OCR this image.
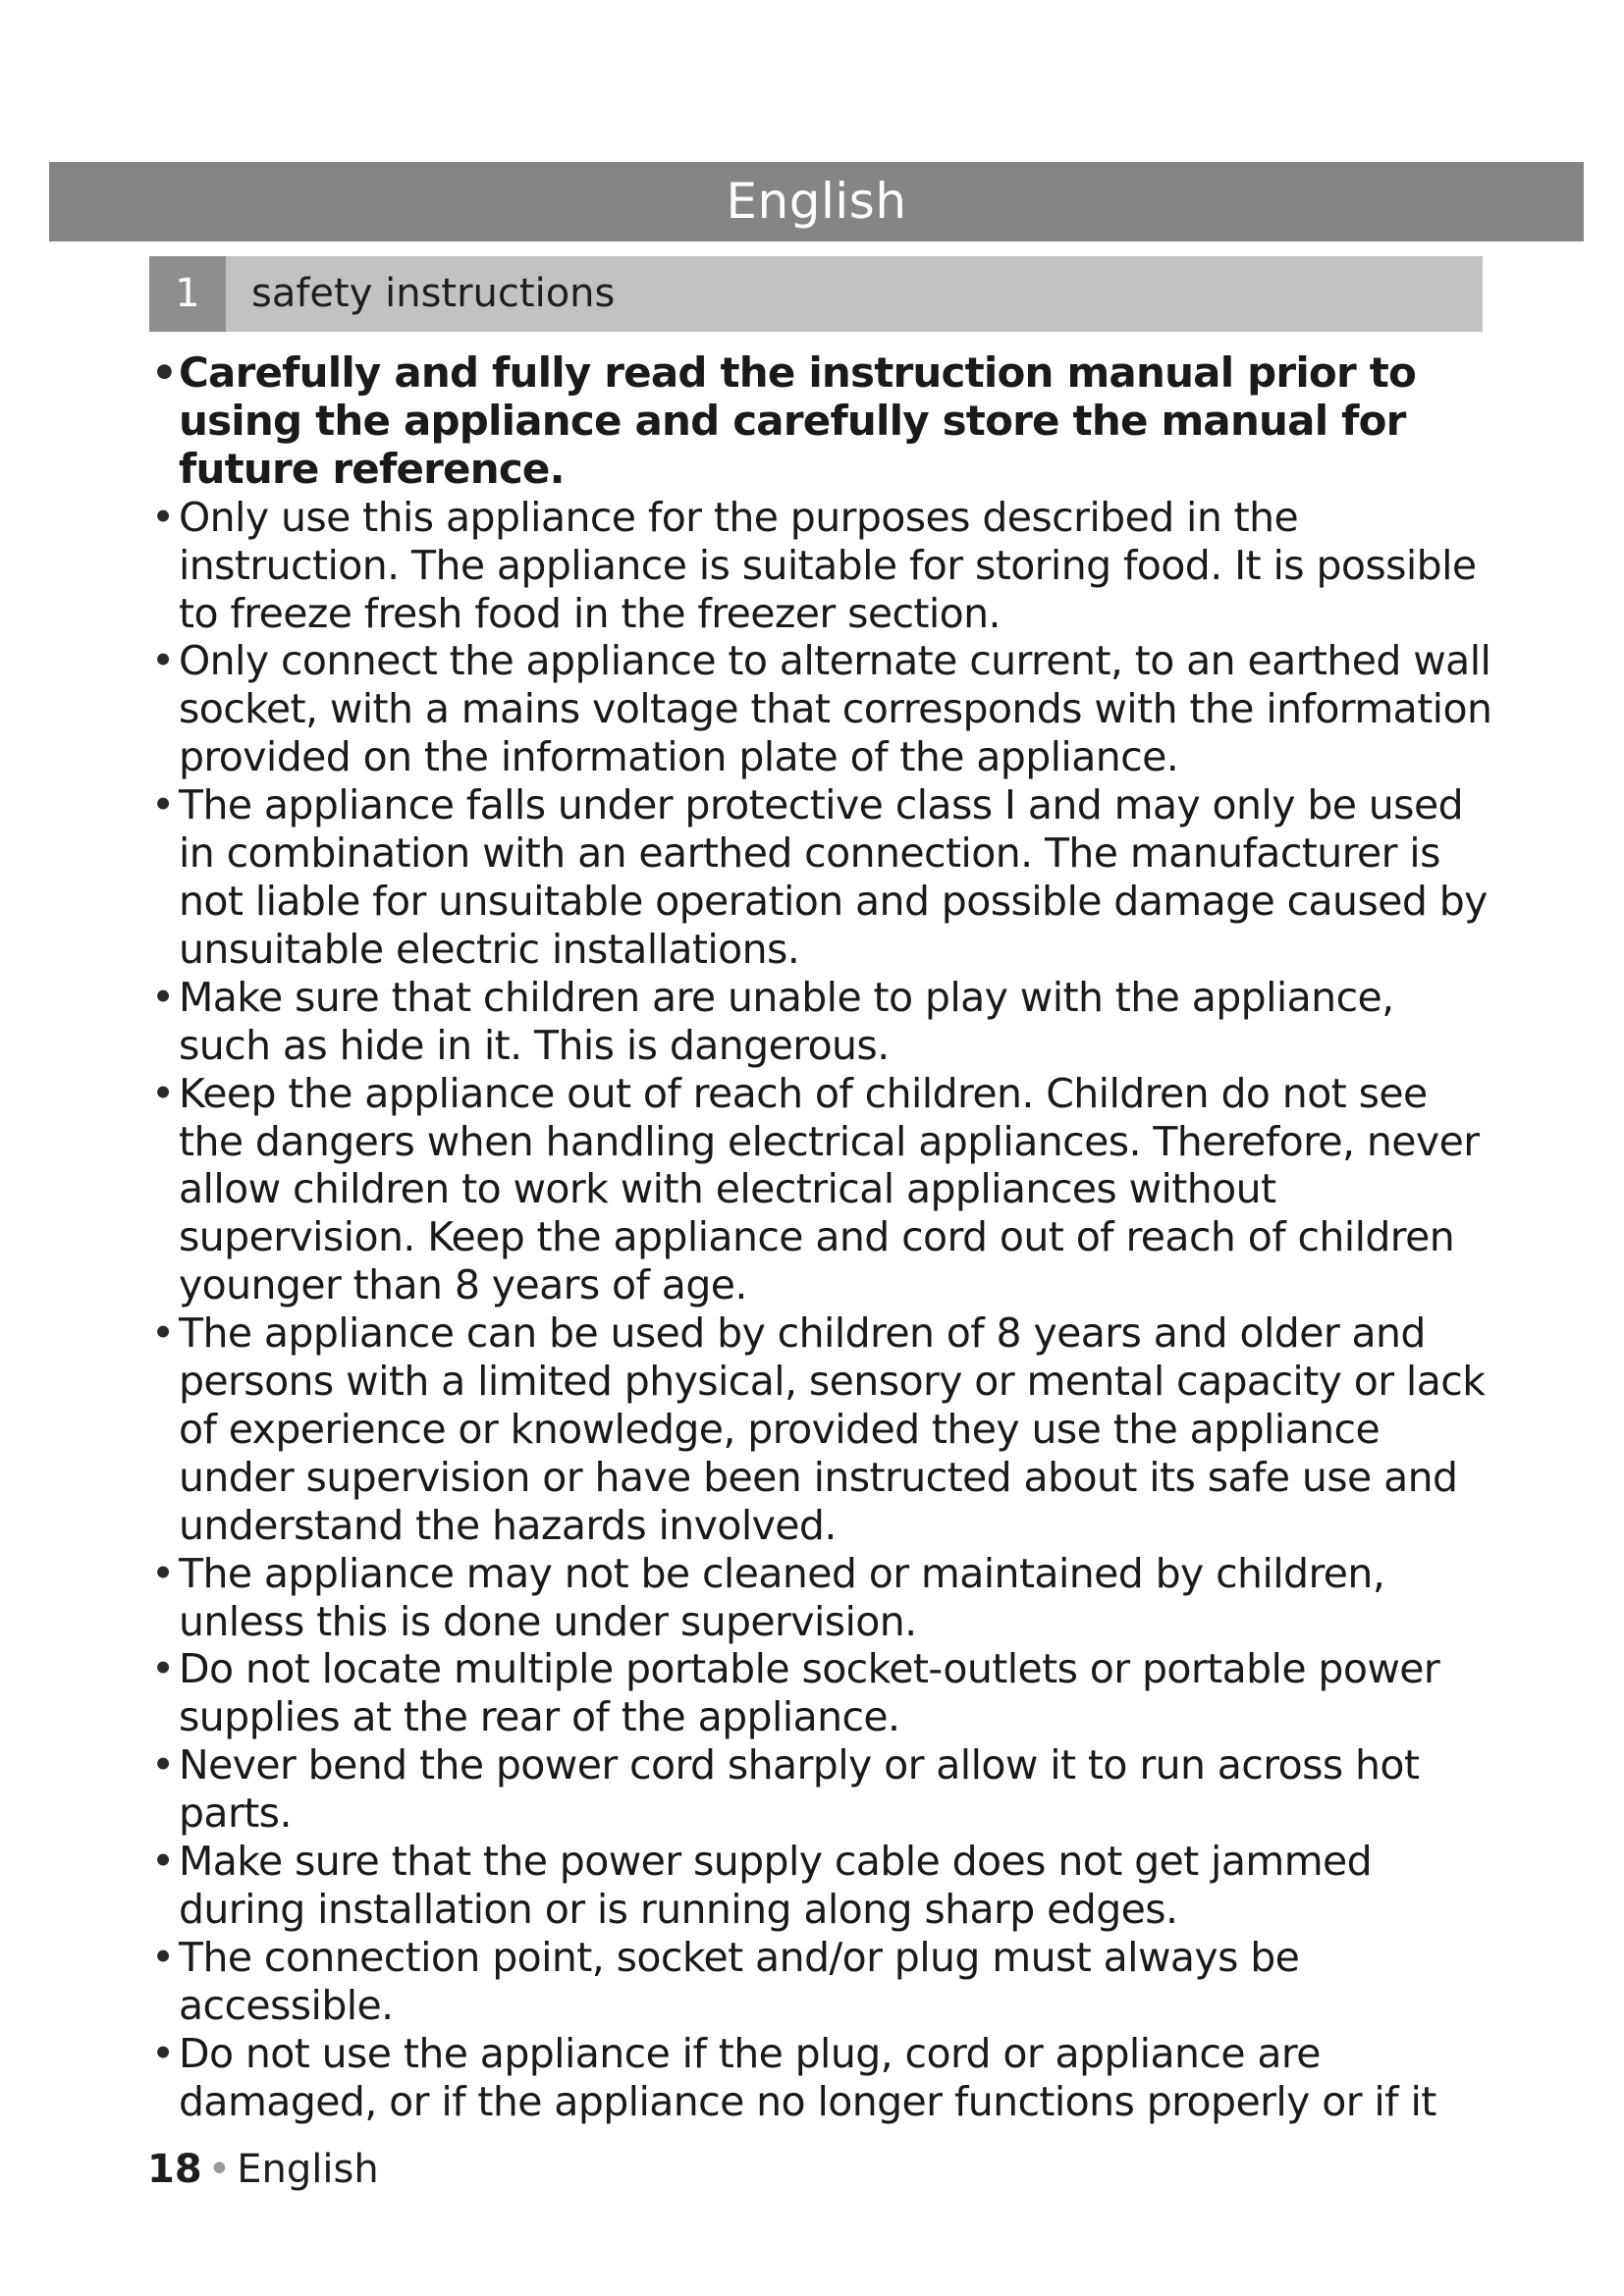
English
1	safety instructions
• Carefully and fully read the instruction manual prior to using the appliance and carefully store the manual for future reference.
• Only use this appliance for the purposes described in the instruction. The appliance is suitable for storing food. It is possible to freeze fresh food in the freezer section.
• Only connect the appliance to alternate current, to an earthed wall socket, with a mains voltage that corresponds with the information provided on the information plate of the appliance.
• The appliance falls under protective class I and may only be used in combination with an earthed connection. The manufacturer is not liable for unsuitable operation and possible damage caused by unsuitable electric installations.
• Make sure that children are unable to play with the appliance, such as hide in it. This is dangerous.
• Keep the appliance out of reach of children. Children do not see the dangers when handling electrical appliances. Therefore, never allow children to work with electrical appliances without supervision. Keep the appliance and cord out of reach of children younger than 8 years of age.
• The appliance can be used by children of 8 years and older and persons with a limited physical, sensory or mental capacity or lack of experience or knowledge, provided they use the appliance under supervision or have been instructed about its safe use and understand the hazards involved.
• The appliance may not be cleaned or maintained by children, unless this is done under supervision.
• Do not locate multiple portable socket-outlets or portable power supplies at the rear of the appliance.
• Never bend the power cord sharply or allow it to run across hot parts.
• Make sure that the power supply cable does not get jammed during installation or is running along sharp edges.
• The connection point, socket and/or plug must always be accessible.
• Do not use the appliance if the plug, cord or appliance are damaged, or if the appliance no longer functions properly or if it
18 • English
